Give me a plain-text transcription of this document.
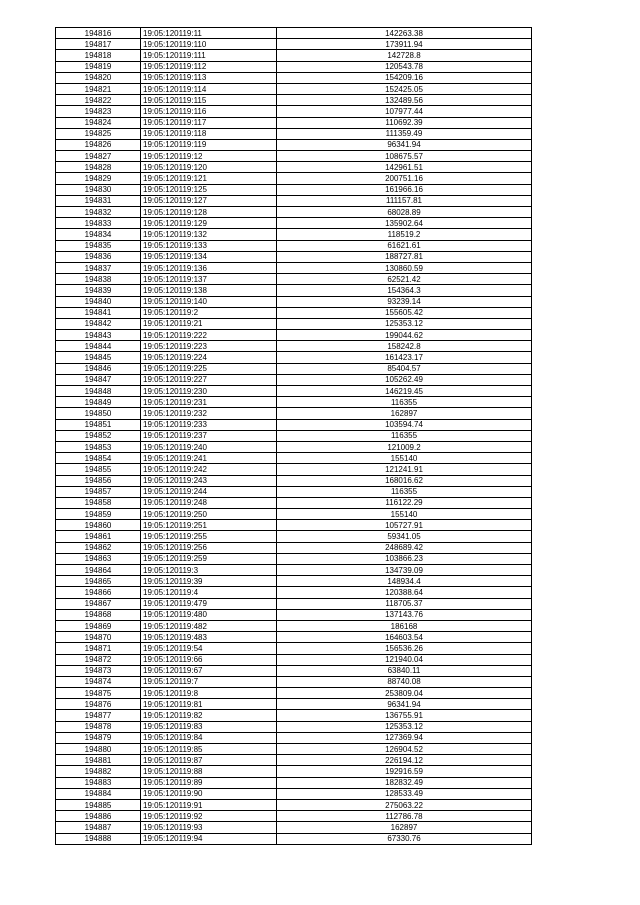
194816	19:05:120119:11	142263.38
194817	19:05:120119:110	173911.94
194818	19:05:120119:111	142728.8
194819	19:05:120119:112	120543.78
194820	19:05:120119:113	154209.16
194821	19:05:120119:114	152425.05
194822	19:05:120119:115	132489.56
194823	19:05:120119:116	107977.44
194824	19:05:120119:117	110692.39
194825	19:05:120119:118	111359.49
194826	19:05:120119:119	96341.94
194827	19:05:120119:12	108675.57
194828	19:05:120119:120	142961.51
194829	19:05:120119:121	200751.16
194830	19:05:120119:125	161966.16
194831	19:05:120119:127	111157.81
194832	19:05:120119:128	68028.89
194833	19:05:120119:129	135902.64
194834	19:05:120119:132	118519.2
194835	19:05:120119:133	61621.61
194836	19:05:120119:134	188727.81
194837	19:05:120119:136	130860.59
194838	19:05:120119:137	62521.42
194839	19:05:120119:138	154364.3
194840	19:05:120119:140	93239.14
194841	19:05:120119:2	155605.42
194842	19:05:120119:21	125353.12
194843	19:05:120119:222	199044.62
194844	19:05:120119:223	158242.8
194845	19:05:120119:224	161423.17
194846	19:05:120119:225	85404.57
194847	19:05:120119:227	105262.49
194848	19:05:120119:230	146219.45
194849	19:05:120119:231	116355
194850	19:05:120119:232	162897
194851	19:05:120119:233	103594.74
194852	19:05:120119:237	116355
194853	19:05:120119:240	121009.2
194854	19:05:120119:241	155140
194855	19:05:120119:242	121241.91
194856	19:05:120119:243	168016.62
194857	19:05:120119:244	116355
194858	19:05:120119:248	116122.29
194859	19:05:120119:250	155140
194860	19:05:120119:251	105727.91
194861	19:05:120119:255	59341.05
194862	19:05:120119:256	248689.42
194863	19:05:120119:259	103866.23
194864	19:05:120119:3	134739.09
194865	19:05:120119:39	148934.4
194866	19:05:120119:4	120388.64
194867	19:05:120119:479	118705.37
194868	19:05:120119:480	137143.76
194869	19:05:120119:482	186168
194870	19:05:120119:483	164603.54
194871	19:05:120119:54	156536.26
194872	19:05:120119:66	121940.04
194873	19:05:120119:67	63840.11
194874	19:05:120119:7	88740.08
194875	19:05:120119:8	253809.04
194876	19:05:120119:81	96341.94
194877	19:05:120119:82	136755.91
194878	19:05:120119:83	125353.12
194879	19:05:120119:84	127369.94
194880	19:05:120119:85	126904.52
194881	19:05:120119:87	226194.12
194882	19:05:120119:88	192916.59
194883	19:05:120119:89	182832.49
194884	19:05:120119:90	128533.49
194885	19:05:120119:91	275063.22
194886	19:05:120119:92	112786.78
194887	19:05:120119:93	162897
194888	19:05:120119:94	67330.76
